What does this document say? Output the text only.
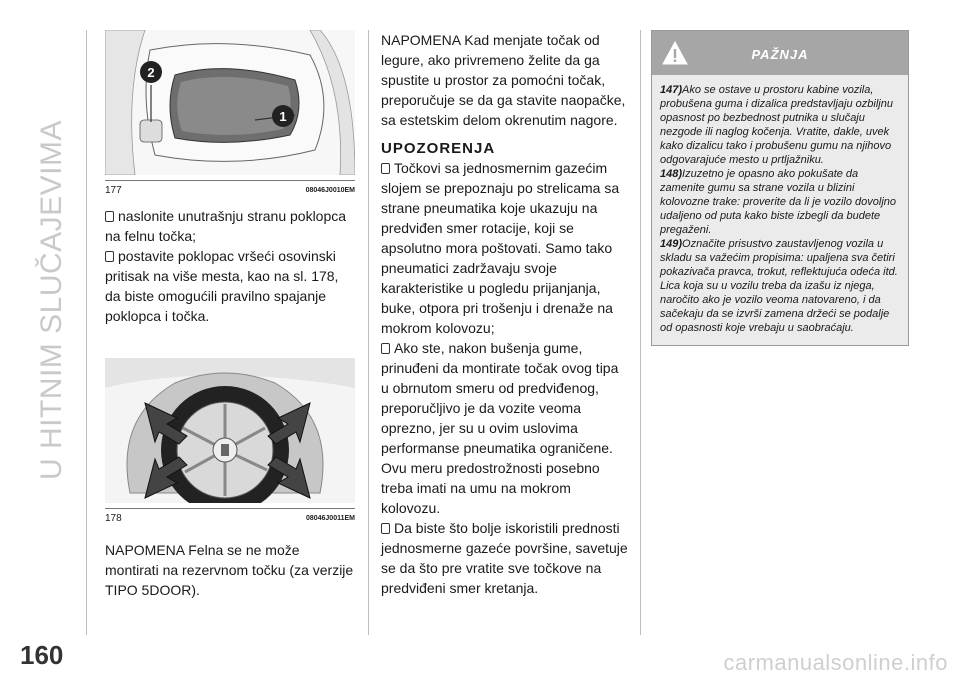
U HITNIM SLUČAJEVIMA
160
2
1
177	08046J0010EM

naslonite unutrašnju stranu poklopca na felnu točka;

postavite poklopac vršeći osovinski pritisak na više mesta, kao na sl. 178, da biste omogućili pravilno spajanje poklopca i točka.

178	08046J0011EM

NAPOMENA Felna se ne može montirati na rezervnom točku (za verzije TIPO 5DOOR).

NAPOMENA Kad menjate točak od legure, ako privremeno želite da ga spustite u prostor za pomoćni točak, preporučuje se da ga stavite naopačke, sa estetskim delom okrenutim nagore.

UPOZORENJA

Točkovi sa jednosmernim gazećim slojem se prepoznaju po strelicama sa strane pneumatika koje ukazuju na predviđen smer rotacije, koji se apsolutno mora poštovati. Samo tako pneumatici zadržavaju svoje karakteristike u pogledu prijanjanja, buke, otpora pri trošenju i drenaže na mokrom kolovozu;

Ako ste, nakon bušenja gume, prinuđeni da montirate točak ovog tipa u obrnutom smeru od predviđenog, preporučljivo je da vozite veoma oprezno, jer su u ovim uslovima performanse pneumatika ograničene. Ovu meru predostrožnosti posebno treba imati na umu na mokrom kolovozu.

Da biste što bolje iskoristili prednosti jednosmerne gazeće površine, savetuje se da što pre vratite sve točkove na predviđeni smer kretanja.

PAŽNJA

147)Ako se ostave u prostoru kabine vozila, probušena guma i dizalica predstavljaju ozbiljnu opasnost po bezbednost putnika u slučaju nezgode ili naglog kočenja. Vratite, dakle, uvek kako dizalicu tako i probušenu gumu na njihovo odgovarajuće mesto u prtljažniku.

148)Izuzetno je opasno ako pokušate da zamenite gumu sa strane vozila u blizini kolovozne trake: proverite da li je vozilo dovoljno udaljeno od puta kako biste izbegli da budete pregaženi.

149)Označite prisustvo zaustavljenog vozila u skladu sa važećim propisima: upaljena sva četiri pokazivača pravca, trokut, reflektujuća odeća itd. Lica koja su u vozilu treba da izašu iz njega, naročito ako je vozilo veoma natovareno, i da sačekaju da se izvrši zamena držeći se podalje od opasnosti koje vrebaju u saobraćaju.

carmanualsonline.info
